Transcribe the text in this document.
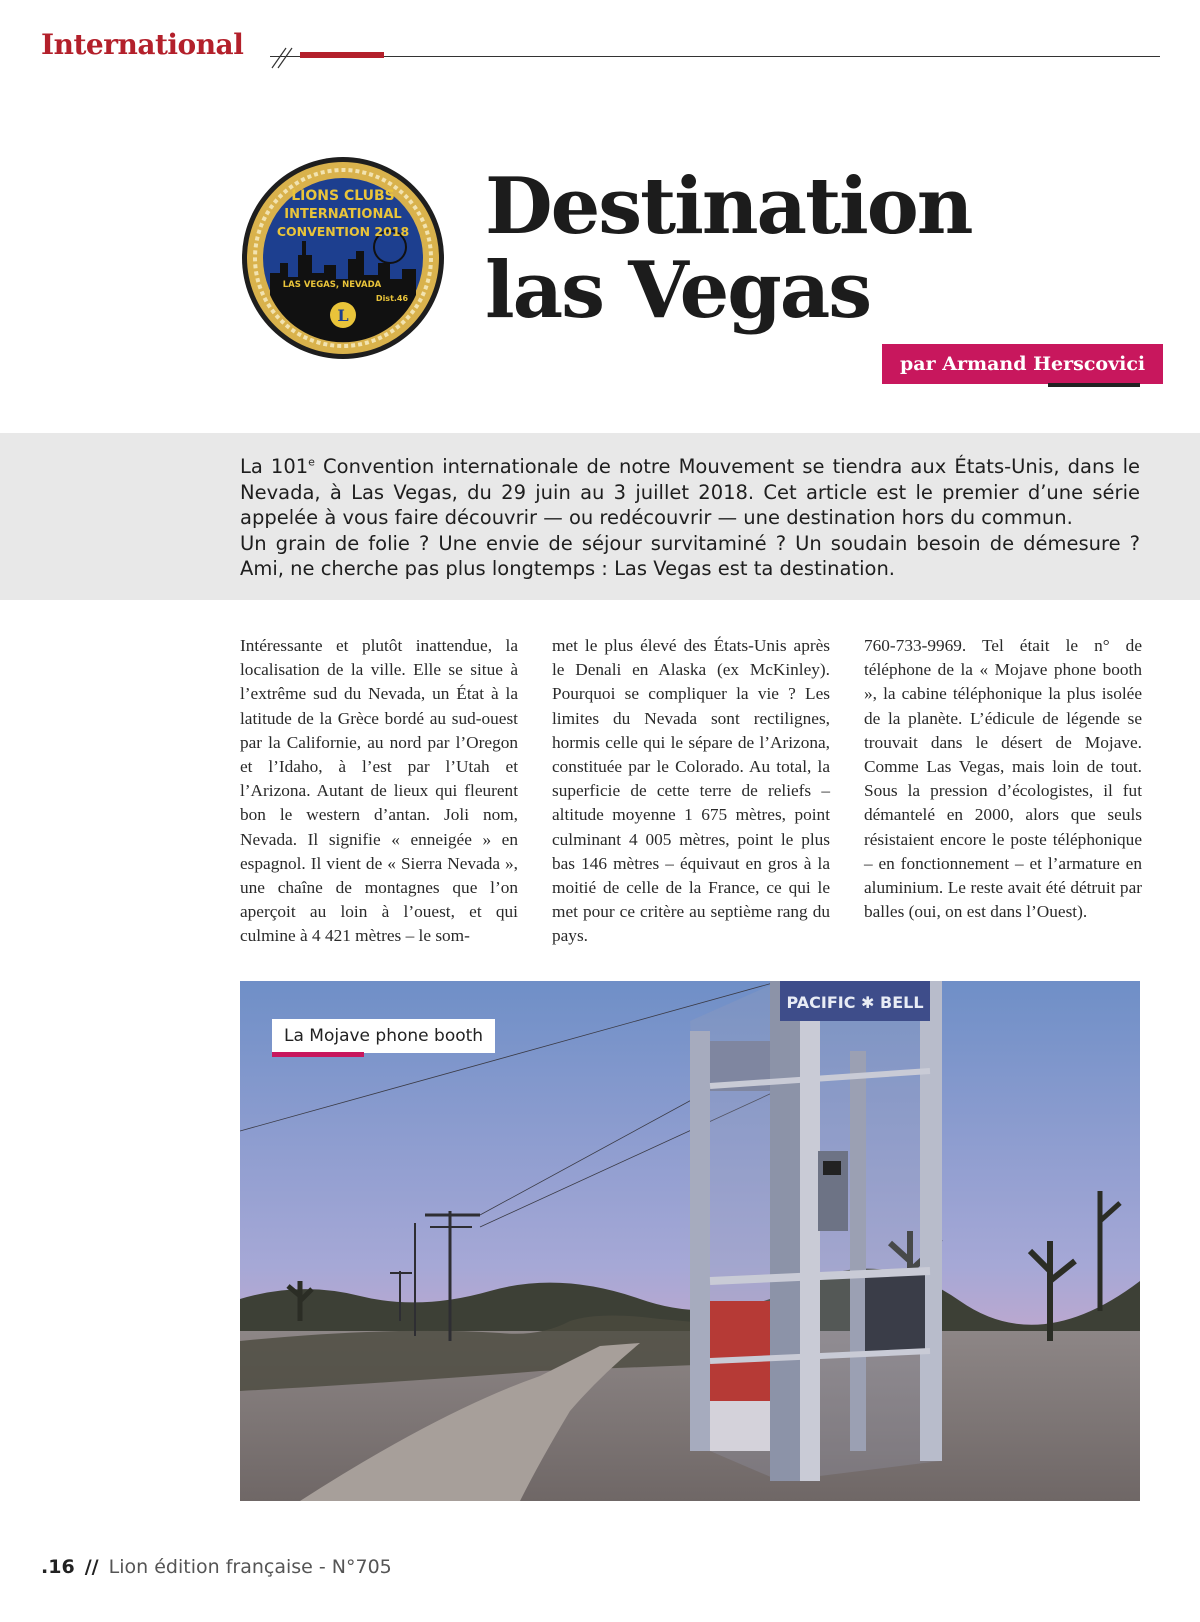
International
LIONS CLUBS
INTERNATIONAL
CONVENTION 2018
LAS VEGAS, NEVADA
Dist.46
L
Destination
las Vegas
par Armand Herscovici

La 101e Convention internationale de notre Mouvement se tiendra aux États-Unis, dans le Nevada, à Las Vegas, du 29 juin au 3 juillet 2018. Cet article est le premier d’une série appelée à vous faire découvrir — ou redécouvrir — une destination hors du commun.

Un grain de folie ? Une envie de séjour survitaminé ? Un soudain besoin de démesure ? Ami, ne cherche pas plus longtemps : Las Vegas est ta destination.

Intéressante et plutôt inattendue, la localisation de la ville. Elle se situe à l’extrême sud du Nevada, un État à la latitude de la Grèce bordé au sud-ouest par la Californie, au nord par l’Oregon et l’Idaho, à l’est par l’Utah et l’Arizona. Autant de lieux qui fleurent bon le western d’antan. Joli nom, Nevada. Il signifie « enneigée » en espagnol. Il vient de « Sierra Nevada », une chaîne de montagnes que l’on aperçoit au loin à l’ouest, et qui culmine à 4 421 mètres – le som-
met le plus élevé des États-Unis après le Denali en Alaska (ex McKinley). Pourquoi se compliquer la vie ? Les limites du Nevada sont rectilignes, hormis celle qui le sépare de l’Arizona, constituée par le Colorado. Au total, la superficie de cette terre de reliefs – altitude moyenne 1 675 mètres, point culminant 4 005 mètres, point le plus bas 146 mètres – équivaut en gros à la moitié de celle de la France, ce qui le met pour ce critère au septième rang du pays.
760-733-9969. Tel était le n° de téléphone de la « Mojave phone booth », la cabine téléphonique la plus isolée de la planète. L’édicule de légende se trouvait dans le désert de Mojave. Comme Las Vegas, mais loin de tout. Sous la pression d’écologistes, il fut démantelé en 2000, alors que seuls résistaient encore le poste téléphonique – en fonctionnement – et l’armature en aluminium. Le reste avait été détruit par balles (oui, on est dans l’Ouest).
PACIFIC ✱ BELL
La Mojave phone booth
.16 // Lion édition française - N°705
